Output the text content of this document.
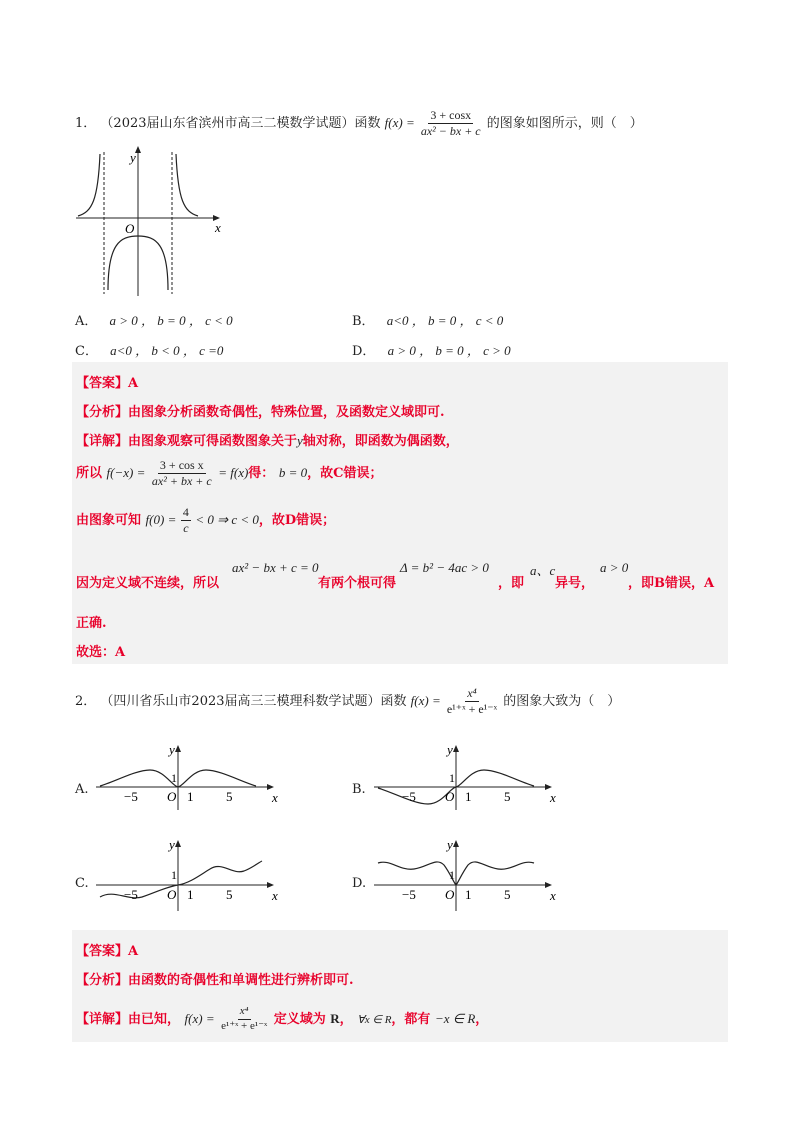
1． （2023届山东省滨州市高三二模数学试题）函数 $f(x) = \frac{3 + \cos x}{\text{ax² − bx + c}}$ 的图象如图所示，则（　）
y
x
O
A． a > 0 ， b = 0 ， c < 0	B． a<0 ， b = 0 ， c < 0
C． a<0 ， b < 0 ， c =0	D． a > 0 ， b = 0 ， c > 0
【答案】A
【分析】由图象分析函数奇偶性，特殊位置，及函数定义域即可.
【详解】由图象观察可得函数图象关于y轴对称，即函数为偶函数，
所以 $f(-x) = \frac{\text{3 + cos x}}{\text{ax² + bx + c}} = f(x)$得： b = 0，故C错误；
由图象可知 $f(0) = \frac{4}{c} < 0$ ⇒ c < 0，故D错误；
因为定义域不连续，所以
ax² − bx + c = 0
有两个根可得
Δ = b² − 4ac > 0
，即
a、c
异号，
a > 0
，即B错误，A
正确.
故选：A
2． （四川省乐山市2023届高三三模理科数学试题）函数 $f(x) = \frac{\text{x⁴}}{\text{e¹⁺ˣ + e¹⁻ˣ}}$ 的图象大致为（　）
A.	B.
C.	D.
y
x
O
1
−5	1	5
y
x
O
1
−5	1	5
y
x
O
1
−5	1	5
y
x
O
1
−5	1	5
【答案】A
【分析】由函数的奇偶性和单调性进行辨析即可.
【详解】由已知， $f(x) = \frac{\text{x⁴}}{\text{e¹⁺ˣ + e¹⁻ˣ}}$ 定义域为 R， ∀x ∈ R，都有 −x ∈ R，
